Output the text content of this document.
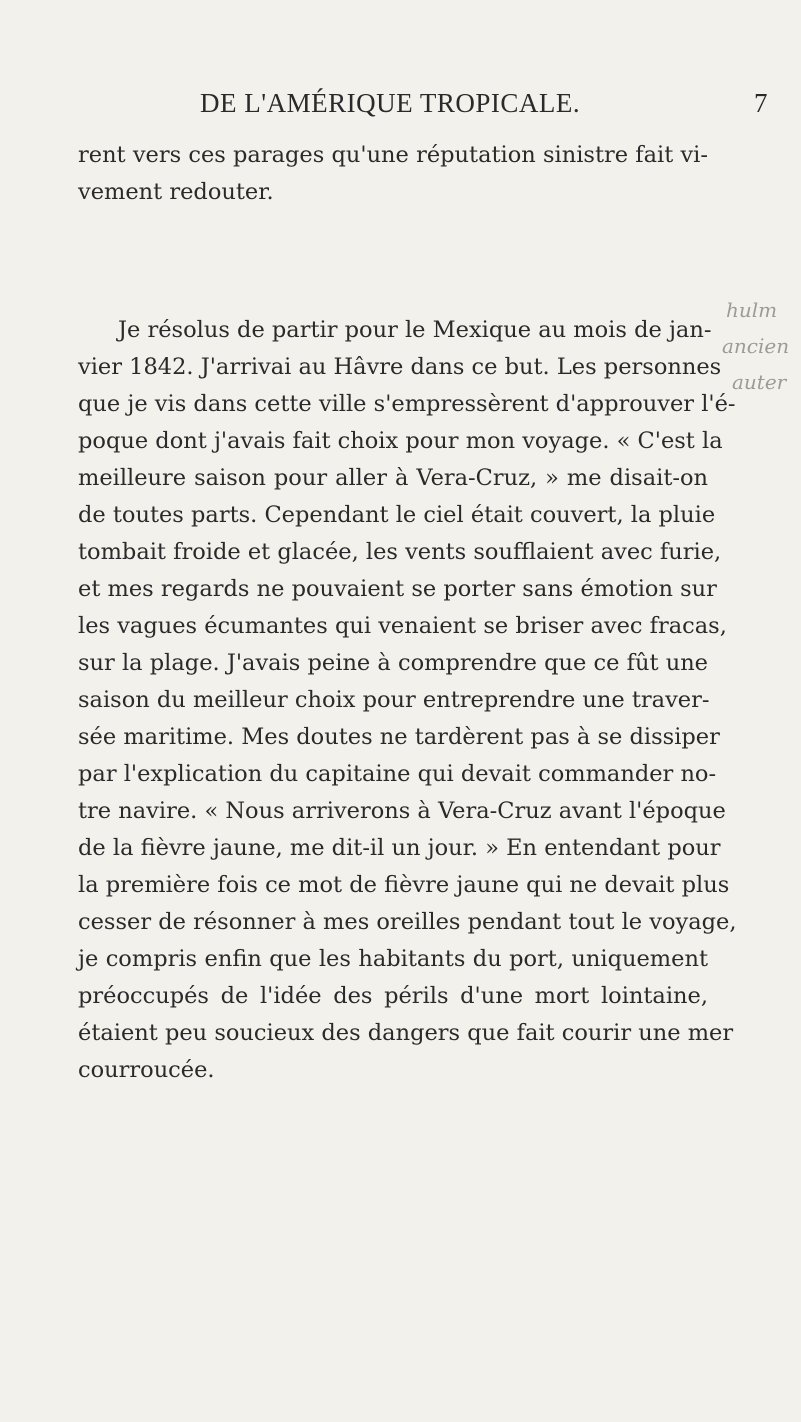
DE L'AMÉRIQUE TROPICALE.	7
rent vers ces parages qu'une réputation sinistre fait vi-
vement redouter.
Je résolus de partir pour le Mexique au mois de jan-
vier 1842. J'arrivai au Hâvre dans ce but. Les personnes
que je vis dans cette ville s'empressèrent d'approuver l'é-
poque dont j'avais fait choix pour mon voyage. « C'est la
meilleure saison pour aller à Vera-Cruz, » me disait-on
de toutes parts. Cependant le ciel était couvert, la pluie
tombait froide et glacée, les vents soufflaient avec furie,
et mes regards ne pouvaient se porter sans émotion sur
les vagues écumantes qui venaient se briser avec fracas,
sur la plage. J'avais peine à comprendre que ce fût une
saison du meilleur choix pour entreprendre une traver-
sée maritime. Mes doutes ne tardèrent pas à se dissiper
par l'explication du capitaine qui devait commander no-
tre navire. « Nous arriverons à Vera-Cruz avant l'époque
de la fièvre jaune, me dit-il un jour. » En entendant pour
la première fois ce mot de fièvre jaune qui ne devait plus
cesser de résonner à mes oreilles pendant tout le voyage,
je compris enfin que les habitants du port, uniquement
préoccupés de l'idée des périls d'une mort lointaine,
étaient peu soucieux des dangers que fait courir une mer
courroucée.
hulm
ancien
auter
